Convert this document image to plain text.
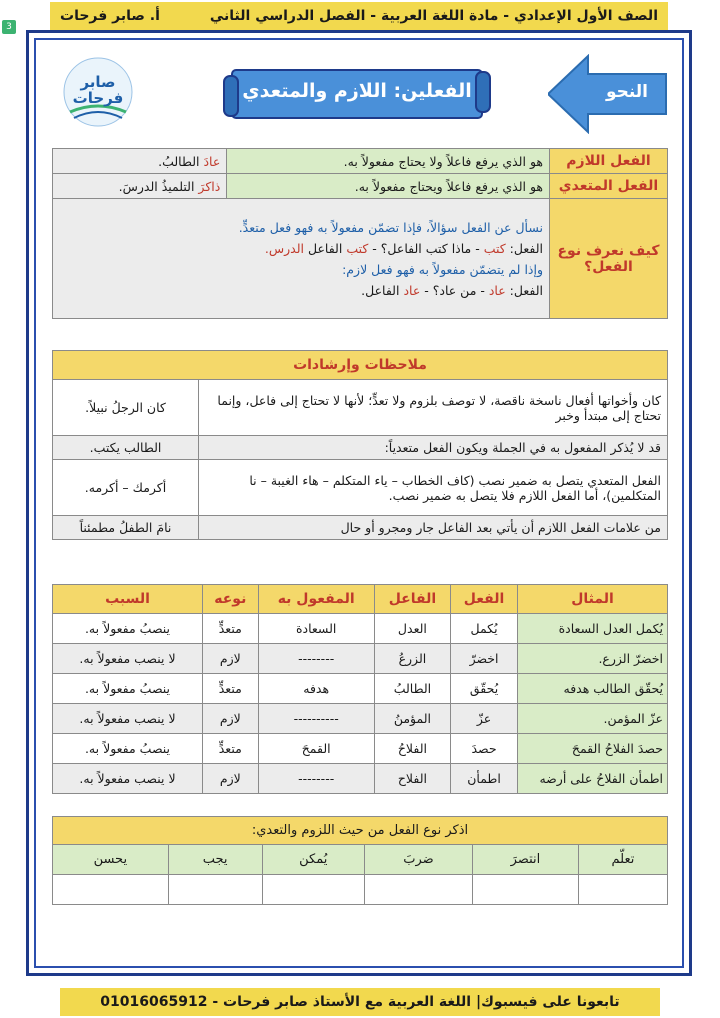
الصف الأول الإعدادي - مادة اللغة العربية - الفصل الدراسي الثاني
أ. صابر فرحات
3
النحو
الفعلين: اللازم والمتعدي
صابر
فرحات
الفعل اللازم	هو الذي يرفع فاعلاً ولا يحتاج مفعولاً به.	عادَ الطالبُ.
الفعل المتعدي	هو الذي يرفع فاعلاً ويحتاج مفعولاً به.	ذاكرَ التلميذُ الدرسَ.
كيف نعرف نوع الفعل؟	نسأل عن الفعل سؤالاً، فإذا تضمّن مفعولاً به فهو فعل متعدٍّ.
الفعل: كتب - ماذا كتب الفاعل؟ - كتب الفاعل الدرس.
وإذا لم يتضمّن مفعولاً به فهو فعل لازم:
الفعل: عاد - من عاد؟ - عاد الفاعل.	
ملاحظات وإرشادات	
كان وأخواتها أفعال ناسخة ناقصة، لا توصف بلزوم ولا تعدٍّ؛ لأنها لا تحتاج إلى فاعل، وإنما تحتاج إلى مبتدأ وخبر	كان الرجلُ نبيلاً.
قد لا يُذكر المفعول به في الجملة ويكون الفعل متعدياً:	الطالب يكتب.
الفعل المتعدي يتصل به ضمير نصب (كاف الخطاب – ياء المتكلم – هاء الغيبة – نا المتكلمين)، أما الفعل اللازم فلا يتصل به ضمير نصب.	أكرمك – أكرمه.
من علامات الفعل اللازم أن يأتي بعد الفاعل جار ومجرو أو حال	نامَ الطفلُ مطمئناً
المثال	الفعل	الفاعل	المفعول به	نوعه	السبب
يُكمل العدل السعادة	يُكمل	العدل	السعادة	متعدٍّ	ينصبُ مفعولاً به.
اخضرّ الزرع.	اخضرّ	الزرعُ	--------	لازم	لا ينصب مفعولاً به.
يُحقّق الطالب هدفه	يُحقّق	الطالبُ	هدفه	متعدٍّ	ينصبُ مفعولاً به.
عزّ المؤمن.	عزّ	المؤمنُ	----------	لازم	لا ينصب مفعولاً به.
حصدَ الفلاحُ القمحَ	حصدَ	الفلاحُ	القمحَ	متعدٍّ	ينصبُ مفعولاً به.
اطمأن الفلاحُ على أرضه	اطمأن	الفلاح	--------	لازم	لا ينصب مفعولاً به.
اذكر نوع الفعل من حيث اللزوم والتعدي:					
تعلّم	انتصرَ	ضربَ	يُمكن	يجب	يحسن

تابعونا على فيسبوك| اللغة العربية مع الأستاذ صابر فرحات - 01016065912
